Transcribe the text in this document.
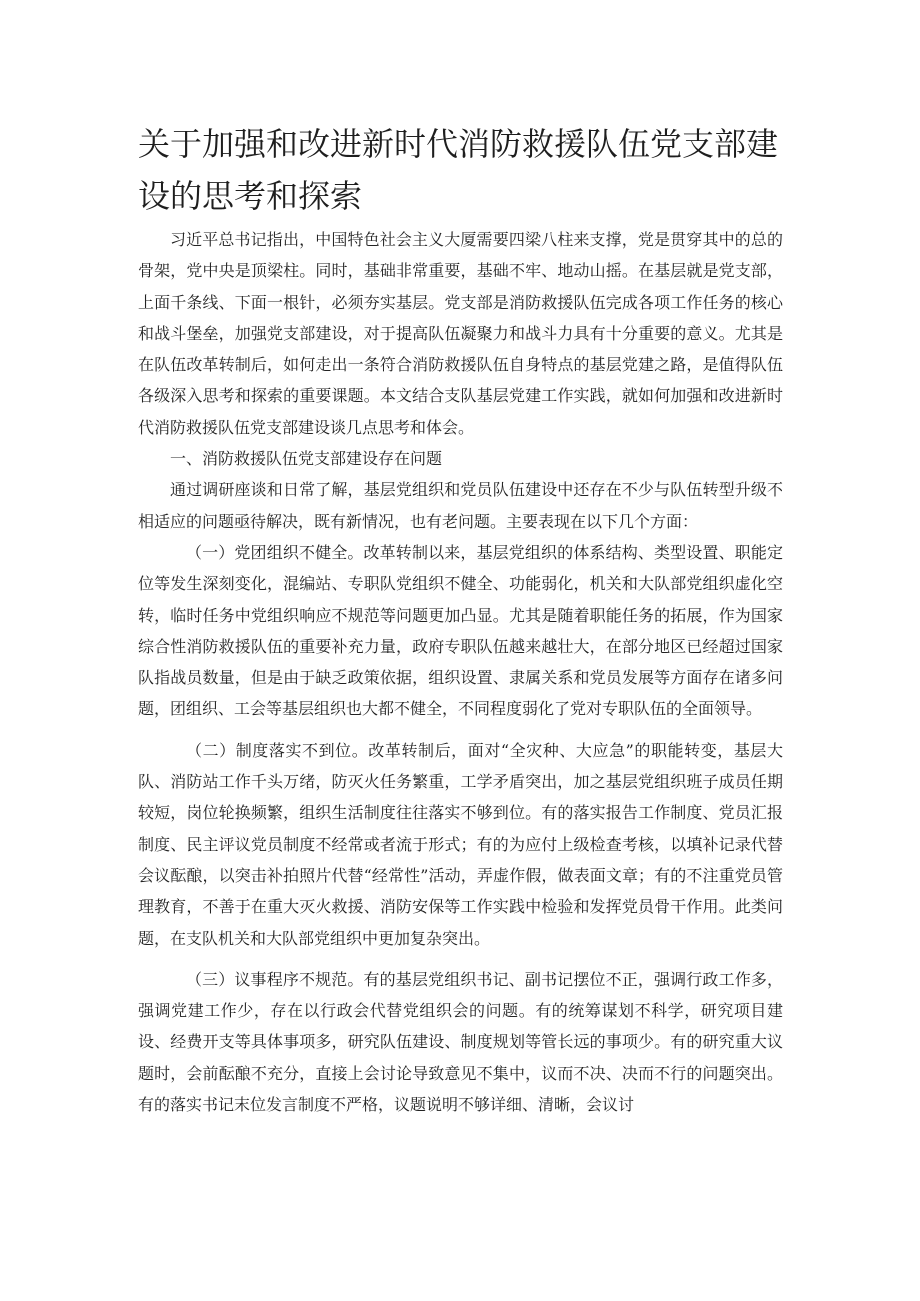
关于加强和改进新时代消防救援队伍党支部建设的思考和探索

习近平总书记指出，中国特色社会主义大厦需要四梁八柱来支撑，党是贯穿其中的总的骨架，党中央是顶梁柱。同时，基础非常重要，基础不牢、地动山摇。在基层就是党支部，上面千条线、下面一根针，必须夯实基层。党支部是消防救援队伍完成各项工作任务的核心和战斗堡垒，加强党支部建设，对于提高队伍凝聚力和战斗力具有十分重要的意义。尤其是在队伍改革转制后，如何走出一条符合消防救援队伍自身特点的基层党建之路，是值得队伍各级深入思考和探索的重要课题。本文结合支队基层党建工作实践，就如何加强和改进新时代消防救援队伍党支部建设谈几点思考和体会。

一、消防救援队伍党支部建设存在问题

通过调研座谈和日常了解，基层党组织和党员队伍建设中还存在不少与队伍转型升级不相适应的问题亟待解决，既有新情况，也有老问题。主要表现在以下几个方面：

（一）党团组织不健全。改革转制以来，基层党组织的体系结构、类型设置、职能定位等发生深刻变化，混编站、专职队党组织不健全、功能弱化，机关和大队部党组织虚化空转，临时任务中党组织响应不规范等问题更加凸显。尤其是随着职能任务的拓展，作为国家综合性消防救援队伍的重要补充力量，政府专职队伍越来越壮大，在部分地区已经超过国家队指战员数量，但是由于缺乏政策依据，组织设置、隶属关系和党员发展等方面存在诸多问题，团组织、工会等基层组织也大都不健全，不同程度弱化了党对专职队伍的全面领导。

（二）制度落实不到位。改革转制后，面对“全灾种、大应急”的职能转变，基层大队、消防站工作千头万绪，防灭火任务繁重，工学矛盾突出，加之基层党组织班子成员任期较短，岗位轮换频繁，组织生活制度往往落实不够到位。有的落实报告工作制度、党员汇报制度、民主评议党员制度不经常或者流于形式；有的为应付上级检查考核，以填补记录代替会议酝酿，以突击补拍照片代替“经常性”活动，弄虚作假，做表面文章；有的不注重党员管理教育，不善于在重大灭火救援、消防安保等工作实践中检验和发挥党员骨干作用。此类问题，在支队机关和大队部党组织中更加复杂突出。

（三）议事程序不规范。有的基层党组织书记、副书记摆位不正，强调行政工作多，强调党建工作少，存在以行政会代替党组织会的问题。有的统筹谋划不科学，研究项目建设、经费开支等具体事项多，研究队伍建设、制度规划等管长远的事项少。有的研究重大议题时，会前酝酿不充分，直接上会讨论导致意见不集中，议而不决、决而不行的问题突出。有的落实书记末位发言制度不严格，议题说明不够详细、清晰，会议讨
